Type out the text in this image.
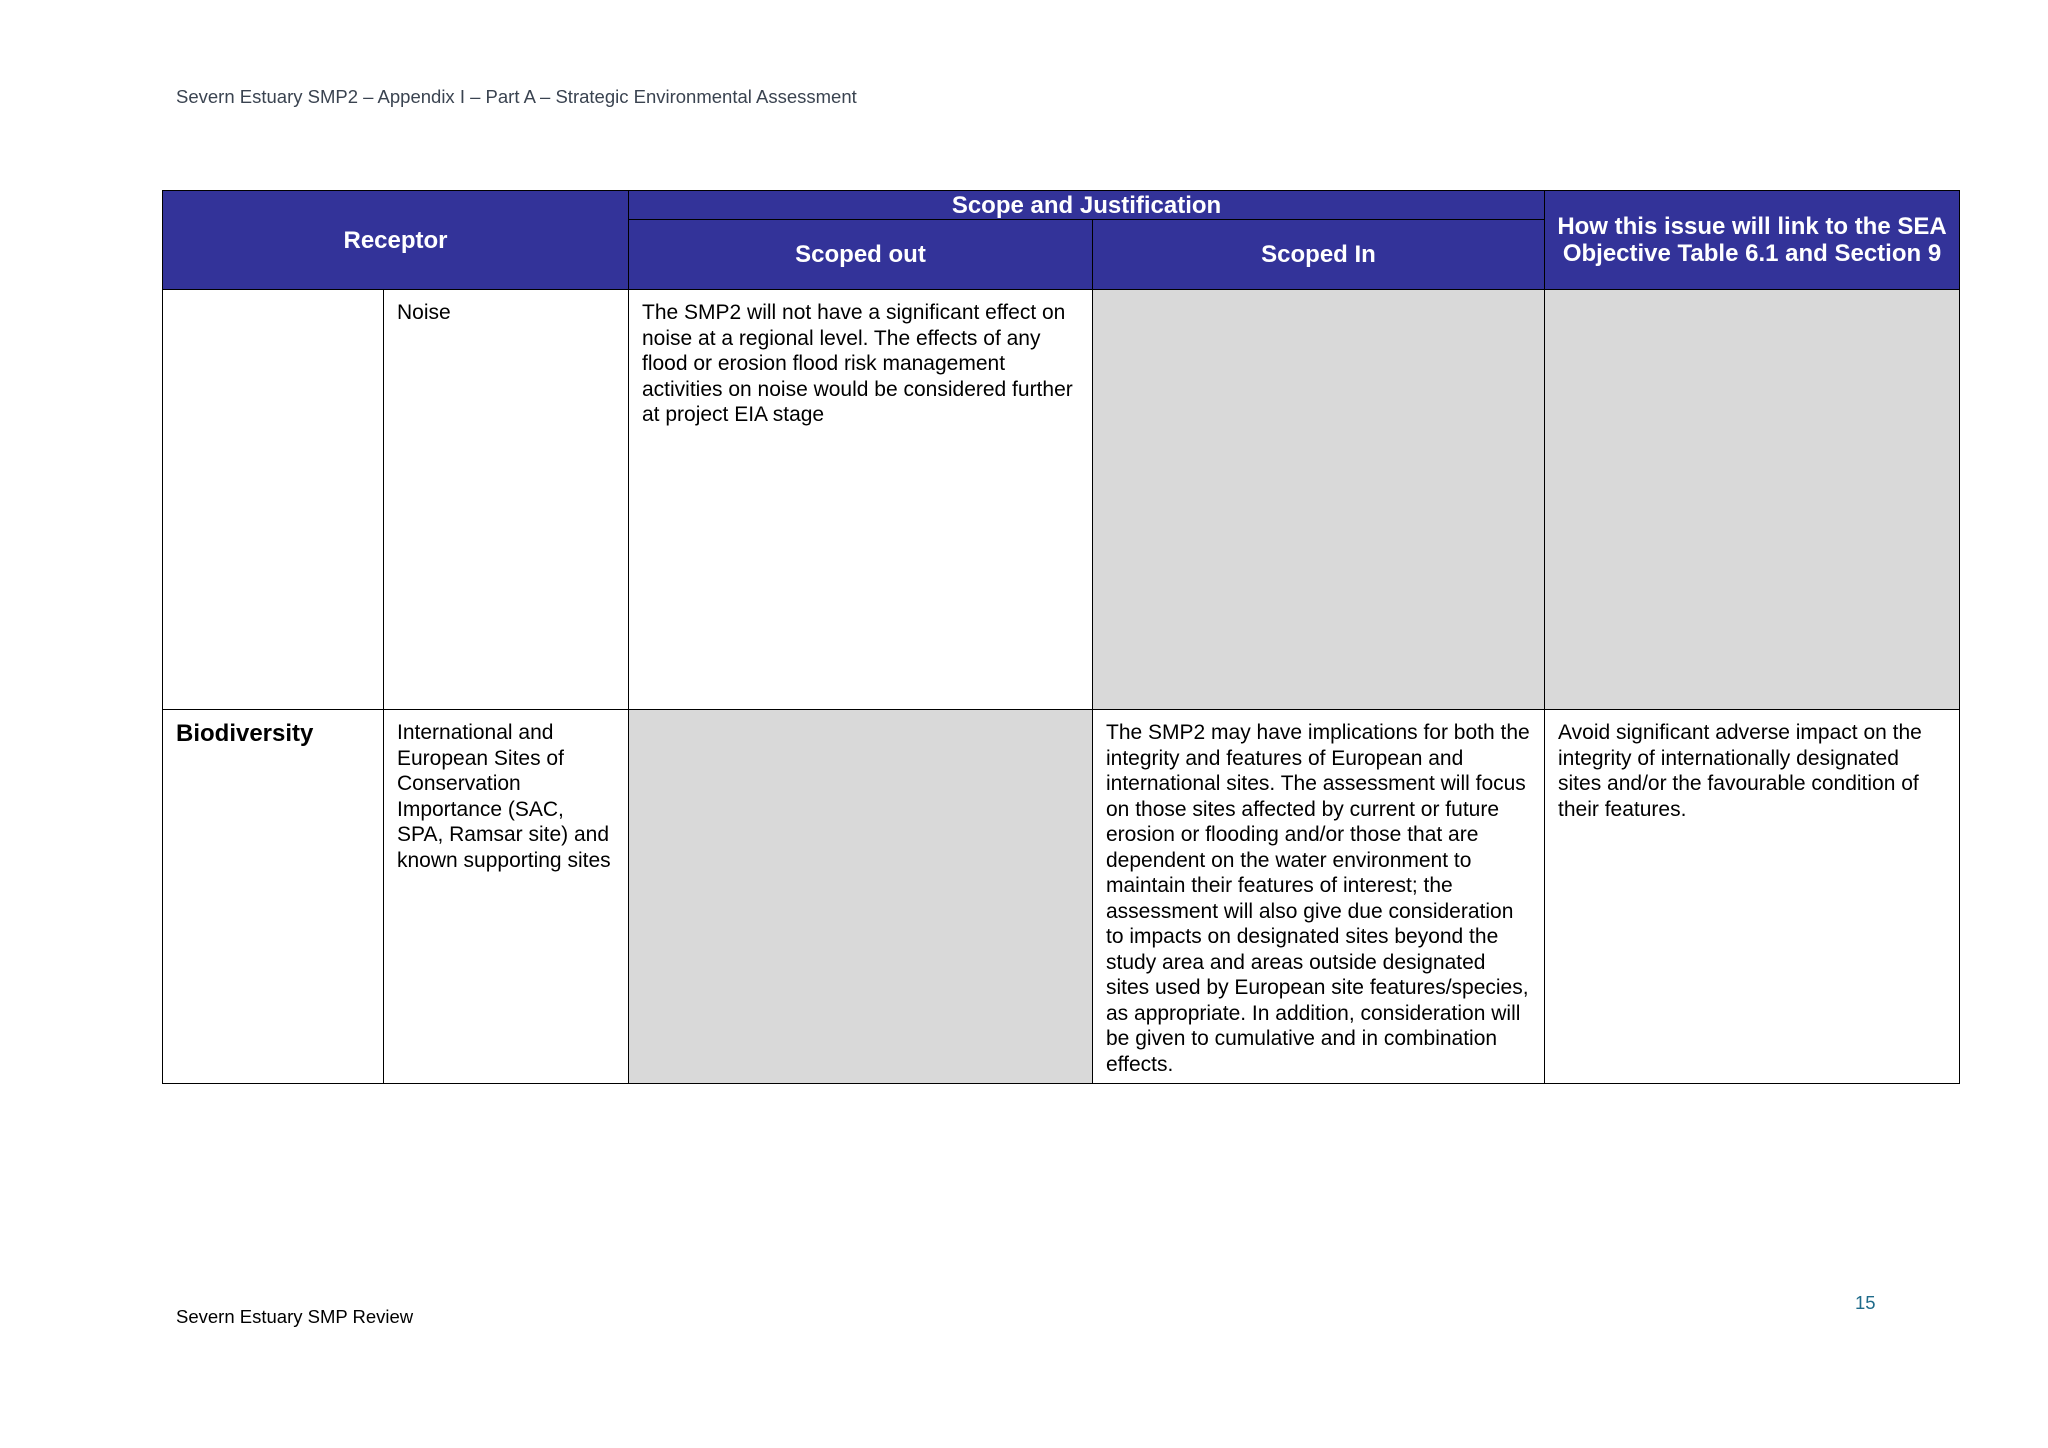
Severn Estuary SMP2 – Appendix I – Part A – Strategic Environmental Assessment
Receptor		Scope and Justification		How this issue will link to the SEA Objective Table 6.1 and Section 9
		Scoped out	Scoped In	
	Noise	The SMP2 will not have a significant effect on noise at a regional level. The effects of any flood or erosion flood risk management activities on noise would be considered further at project EIA stage		
Biodiversity	International and European Sites of Conservation Importance (SAC, SPA, Ramsar site) and known supporting sites		The SMP2 may have implications for both the integrity and features of European and international sites. The assessment will focus on those sites affected by current or future erosion or flooding and/or those that are dependent on the water environment to maintain their features of interest; the assessment will also give due consideration to impacts on designated sites beyond the study area and areas outside designated sites used by European site features/species, as appropriate. In addition, consideration will be given to cumulative and in combination effects.	Avoid significant adverse impact on the integrity of internationally designated sites and/or the favourable condition of their features.
Severn Estuary SMP Review
15
